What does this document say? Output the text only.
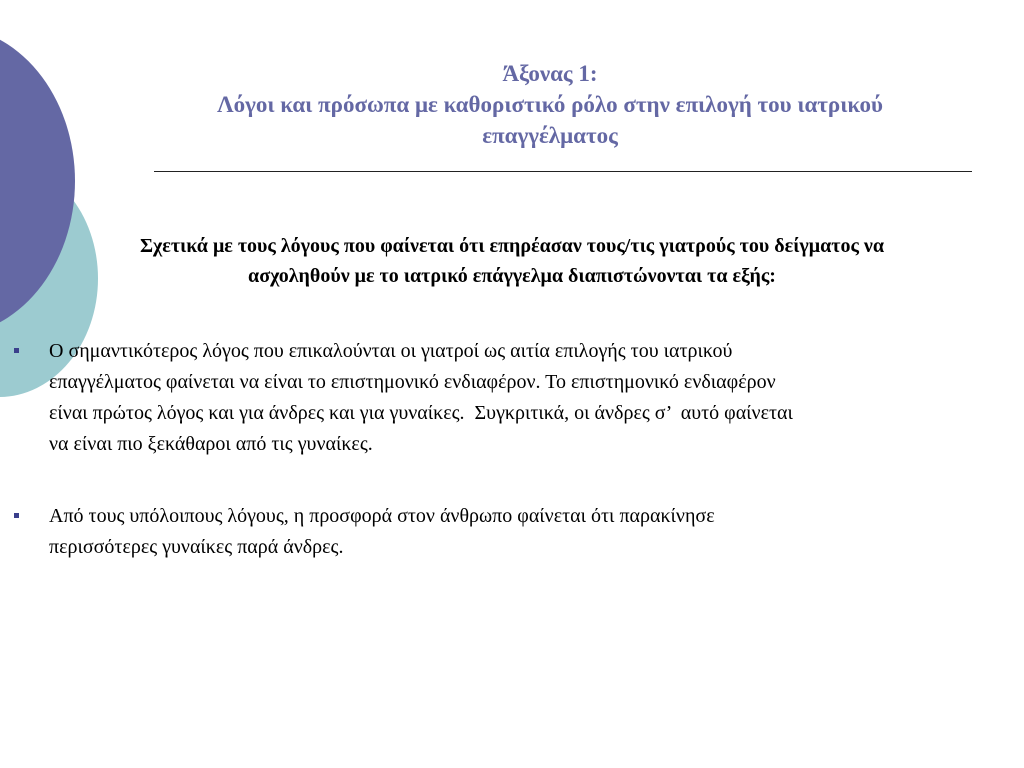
Άξονας 1:
Λόγοι και πρόσωπα με καθοριστικό ρόλο στην επιλογή του ιατρικού
επαγγέλματος
Σχετικά με τους λόγους που φαίνεται ότι επηρέασαν τους/τις γιατρούς του δείγματος να
ασχοληθούν με το ιατρικό επάγγελμα διαπιστώνονται τα εξής:
Ο σημαντικότερος λόγος που επικαλούνται οι γιατροί ως αιτία επιλογής του ιατρικού
επαγγέλματος φαίνεται να είναι το επιστημονικό ενδιαφέρον. Το επιστημονικό ενδιαφέρον
είναι πρώτος λόγος και για άνδρες και για γυναίκες.  Συγκριτικά, οι άνδρες σ’  αυτό φαίνεται
να είναι πιο ξεκάθαροι από τις γυναίκες.
Από τους υπόλοιπους λόγους, η προσφορά στον άνθρωπο φαίνεται ότι παρακίνησε
περισσότερες γυναίκες παρά άνδρες.
